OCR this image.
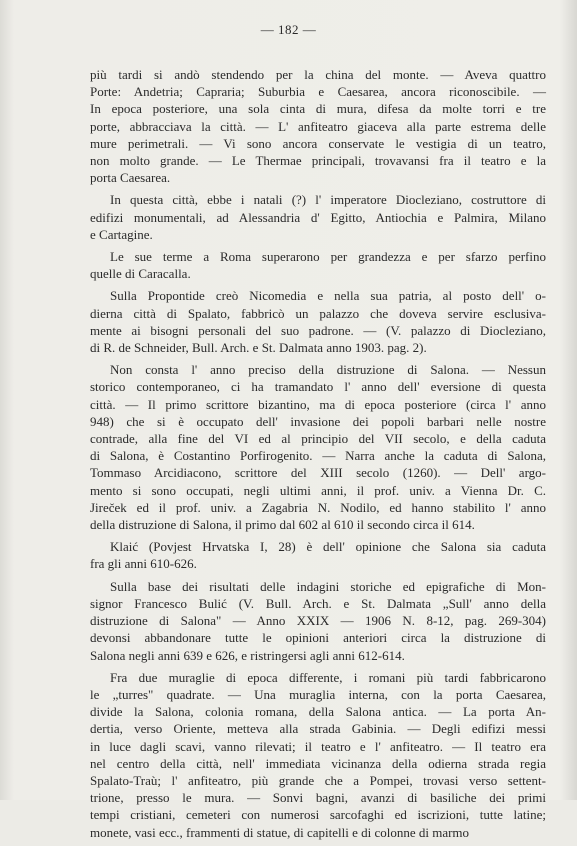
— 182 —
più tardi si andò stendendo per la china del monte. — Aveva quattro
Porte: Andetria; Capraria; Suburbia e Caesarea, ancora riconoscibile. —
In epoca posteriore, una sola cinta di mura, difesa da molte torri e tre
porte, abbracciava la città. — L' anfiteatro giaceva alla parte estrema delle
mure perimetrali. — Vi sono ancora conservate le vestigia di un teatro,
non molto grande. — Le Thermae principali, trovavansi fra il teatro e la
porta Caesarea.
In questa città, ebbe i natali (?) l' imperatore Diocleziano, costruttore di
edifizi monumentali, ad Alessandria d' Egitto, Antiochia e Palmira, Milano
e Cartagine.
Le sue terme a Roma superarono per grandezza e per sfarzo perfino
quelle di Caracalla.
Sulla Propontide creò Nicomedia e nella sua patria, al posto dell' o-
dierna città di Spalato, fabbricò un palazzo che doveva servire esclusiva-
mente ai bisogni personali del suo padrone. — (V. palazzo di Diocleziano,
di R. de Schneider, Bull. Arch. e St. Dalmata anno 1903. pag. 2).
Non consta l' anno preciso della distruzione di Salona. — Nessun
storico contemporaneo, ci ha tramandato l' anno dell' eversione di questa
città. — Il primo scrittore bizantino, ma di epoca posteriore (circa l' anno
948) che si è occupato dell' invasione dei popoli barbari nelle nostre
contrade, alla fine del VI ed al principio del VII secolo, e della caduta
di Salona, è Costantino Porfirogenito. — Narra anche la caduta di Salona,
Tommaso Arcidiacono, scrittore del XIII secolo (1260). — Dell' argo-
mento si sono occupati, negli ultimi anni, il prof. univ. a Vienna Dr. C.
Jireček ed il prof. univ. a Zagabria N. Nodilo, ed hanno stabilito l' anno
della distruzione di Salona, il primo dal 602 al 610 il secondo circa il 614.
Klaić (Povjest Hrvatska I, 28) è dell' opinione che Salona sia caduta
fra gli anni 610-626.
Sulla base dei risultati delle indagini storiche ed epigrafiche di Mon-
signor Francesco Bulić (V. Bull. Arch. e St. Dalmata „Sull' anno della
distruzione di Salona" — Anno XXIX — 1906 N. 8-12, pag. 269-304)
devonsi abbandonare tutte le opinioni anteriori circa la distruzione di
Salona negli anni 639 e 626, e ristringersi agli anni 612-614.
Fra due muraglie di epoca differente, i romani più tardi fabbricarono
le „turres" quadrate. — Una muraglia interna, con la porta Caesarea,
divide la Salona, colonia romana, della Salona antica. — La porta An-
dertia, verso Oriente, metteva alla strada Gabinia. — Degli edifizi messi
in luce dagli scavi, vanno rilevati; il teatro e l' anfiteatro. — Il teatro era
nel centro della città, nell' immediata vicinanza della odierna strada regia
Spalato-Traù; l' anfiteatro, più grande che a Pompei, trovasi verso settent-
trione, presso le mura. — Sonvi bagni, avanzi di basiliche dei primi
tempi cristiani, cemeteri con numerosi sarcofaghi ed iscrizioni, tutte latine;
monete, vasi ecc., frammenti di statue, di capitelli e di colonne di marmo
